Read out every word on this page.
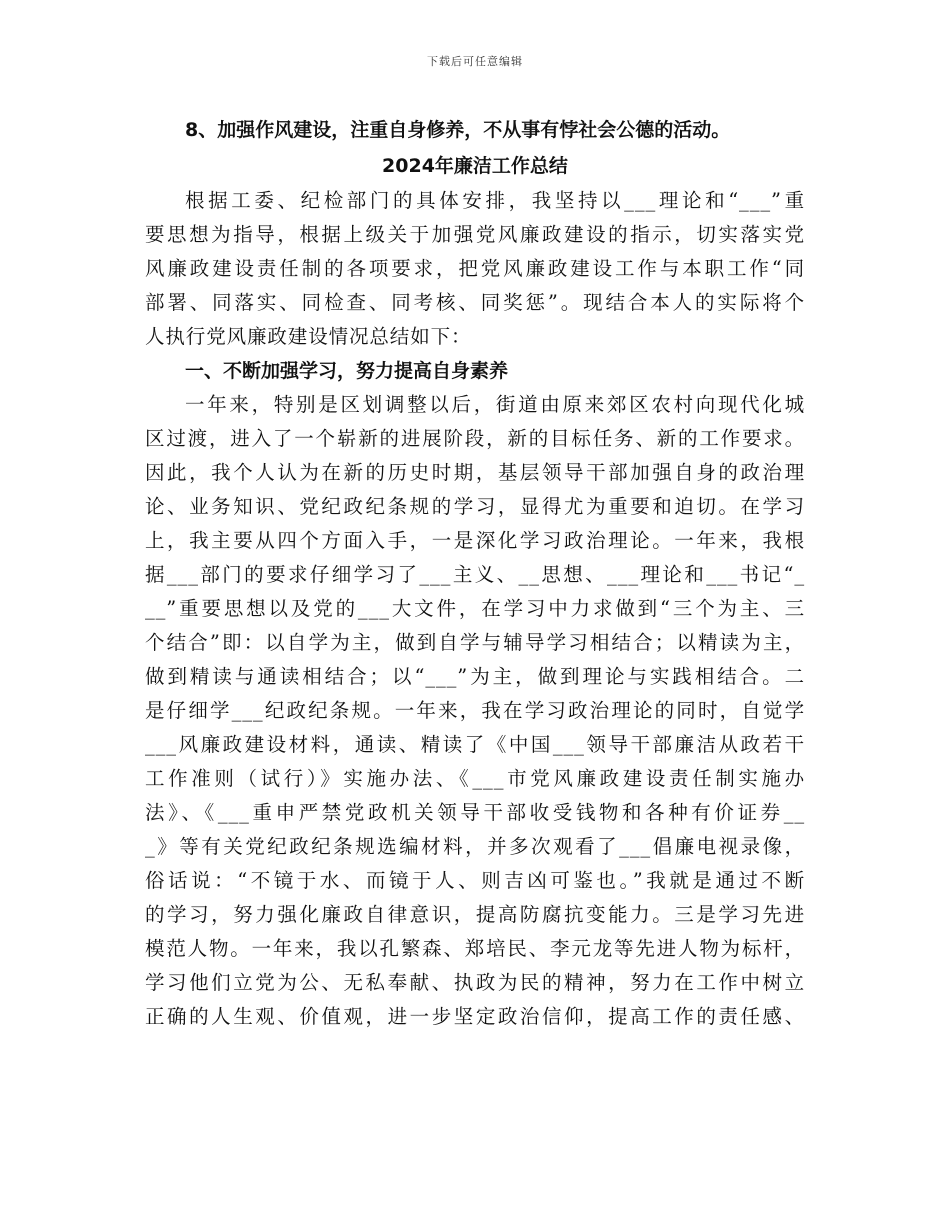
下载后可任意编辑
8、加强作风建设，注重自身修养，不从事有悖社会公德的活动。
2024年廉洁工作总结
根据工委、纪检部门的具体安排，我坚持以___理论和“___”重
要思想为指导，根据上级关于加强党风廉政建设的指示，切实落实党
风廉政建设责任制的各项要求，把党风廉政建设工作与本职工作“同
部署、同落实、同检查、同考核、同奖惩”。现结合本人的实际将个
人执行党风廉政建设情况总结如下：
一、不断加强学习，努力提高自身素养
一年来，特别是区划调整以后，街道由原来郊区农村向现代化城
区过渡，进入了一个崭新的进展阶段，新的目标任务、新的工作要求。
因此，我个人认为在新的历史时期，基层领导干部加强自身的政治理
论、业务知识、党纪政纪条规的学习，显得尤为重要和迫切。在学习
上，我主要从四个方面入手，一是深化学习政治理论。一年来，我根
据___部门的要求仔细学习了___主义、__思想、___理论和___书记“_
__”重要思想以及党的___大文件，在学习中力求做到“三个为主、三
个结合”即：以自学为主，做到自学与辅导学习相结合；以精读为主，
做到精读与通读相结合；以“___”为主，做到理论与实践相结合。二
是仔细学___纪政纪条规。一年来，我在学习政治理论的同时，自觉学
___风廉政建设材料，通读、精读了《中国___领导干部廉洁从政若干
工作准则（试行）》实施办法、《___市党风廉政建设责任制实施办
法》、《___重申严禁党政机关领导干部收受钱物和各种有价证券__
_》等有关党纪政纪条规选编材料，并多次观看了___倡廉电视录像，
俗话说：“不镜于水、而镜于人、则吉凶可鉴也。”我就是通过不断
的学习，努力强化廉政自律意识，提高防腐抗变能力。三是学习先进
模范人物。一年来，我以孔繁森、郑培民、李元龙等先进人物为标杆，
学习他们立党为公、无私奉献、执政为民的精神，努力在工作中树立
正确的人生观、价值观，进一步坚定政治信仰，提高工作的责任感、
